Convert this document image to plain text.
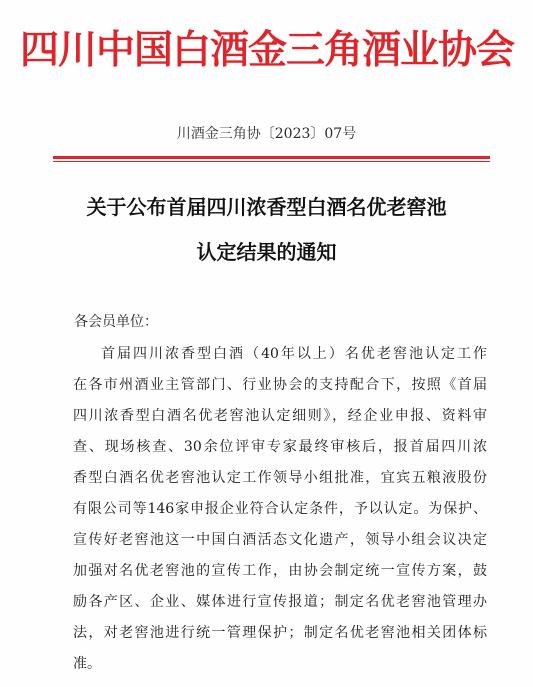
四川中国白酒金三角酒业协会
川酒金三角协〔2023〕07号
关于公布首届四川浓香型白酒名优老窖池
认定结果的通知
各会员单位：
首届四川浓香型白酒（40年以上）名优老窖池认定工作
在各市州酒业主管部门、行业协会的支持配合下，按照《首届
四川浓香型白酒名优老窖池认定细则》，经企业申报、资料审
查、现场核查、30余位评审专家最终审核后，报首届四川浓
香型白酒名优老窖池认定工作领导小组批准，宜宾五粮液股份
有限公司等146家申报企业符合认定条件，予以认定。为保护、
宣传好老窖池这一中国白酒活态文化遗产，领导小组会议决定
加强对名优老窖池的宣传工作，由协会制定统一宣传方案，鼓
励各产区、企业、媒体进行宣传报道；制定名优老窖池管理办
法，对老窖池进行统一管理保护；制定名优老窖池相关团体标
准。
